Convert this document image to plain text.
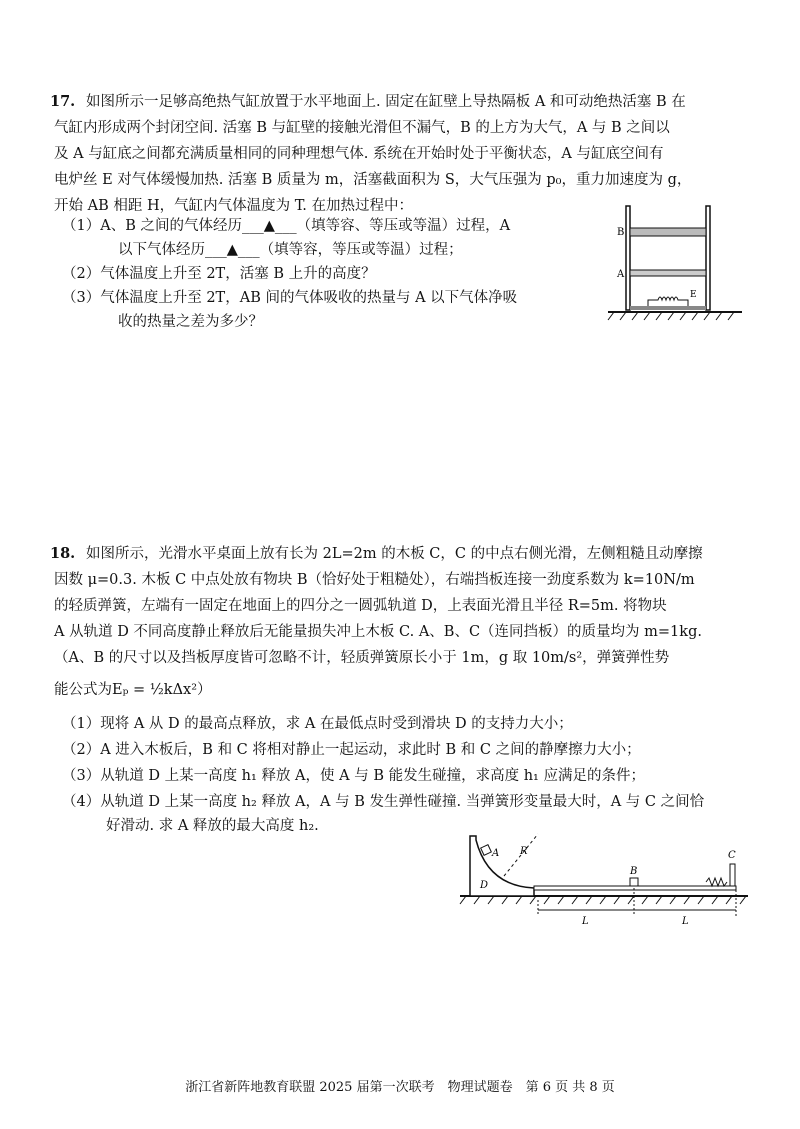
17. 如图所示一足够高绝热气缸放置于水平地面上. 固定在缸壁上导热隔板 A 和可动绝热活塞 B 在
气缸内形成两个封闭空间. 活塞 B 与缸壁的接触光滑但不漏气，B 的上方为大气，A 与 B 之间以
及 A 与缸底之间都充满质量相同的同种理想气体. 系统在开始时处于平衡状态，A 与缸底空间有
电炉丝 E 对气体缓慢加热. 活塞 B 质量为 m，活塞截面积为 S，大气压强为 p₀，重力加速度为 g，
开始 AB 相距 H，气缸内气体温度为 T. 在加热过程中：
（1）A、B 之间的气体经历___▲___（填等容、等压或等温）过程，A
以下气体经历___▲___（填等容，等压或等温）过程；
（2）气体温度上升至 2T，活塞 B 上升的高度？
（3）气体温度上升至 2T，AB 间的气体吸收的热量与 A 以下气体净吸
收的热量之差为多少？
B
A
E
18. 如图所示，光滑水平桌面上放有长为 2L=2m 的木板 C，C 的中点右侧光滑，左侧粗糙且动摩擦
因数 μ=0.3. 木板 C 中点处放有物块 B（恰好处于粗糙处），右端挡板连接一劲度系数为 k=10N/m
的轻质弹簧，左端有一固定在地面上的四分之一圆弧轨道 D，上表面光滑且半径 R=5m. 将物块
A 从轨道 D 不同高度静止释放后无能量损失冲上木板 C. A、B、C（连同挡板）的质量均为 m=1kg.
（A、B 的尺寸以及挡板厚度皆可忽略不计，轻质弹簧原长小于 1m，g 取 10m/s²，弹簧弹性势
能公式为Eₚ = ½kΔx²）
（1）现将 A 从 D 的最高点释放，求 A 在最低点时受到滑块 D 的支持力大小；
（2）A 进入木板后，B 和 C 将相对静止一起运动，求此时 B 和 C 之间的静摩擦力大小；
（3）从轨道 D 上某一高度 h₁ 释放 A，使 A 与 B 能发生碰撞，求高度 h₁ 应满足的条件；
（4）从轨道 D 上某一高度 h₂ 释放 A，A 与 B 发生弹性碰撞. 当弹簧形变量最大时，A 与 C 之间恰
好滑动. 求 A 释放的最大高度 h₂.
A R
D
B
C
L	L
浙江省新阵地教育联盟 2025 届第一次联考　物理试题卷　第 6 页 共 8 页
